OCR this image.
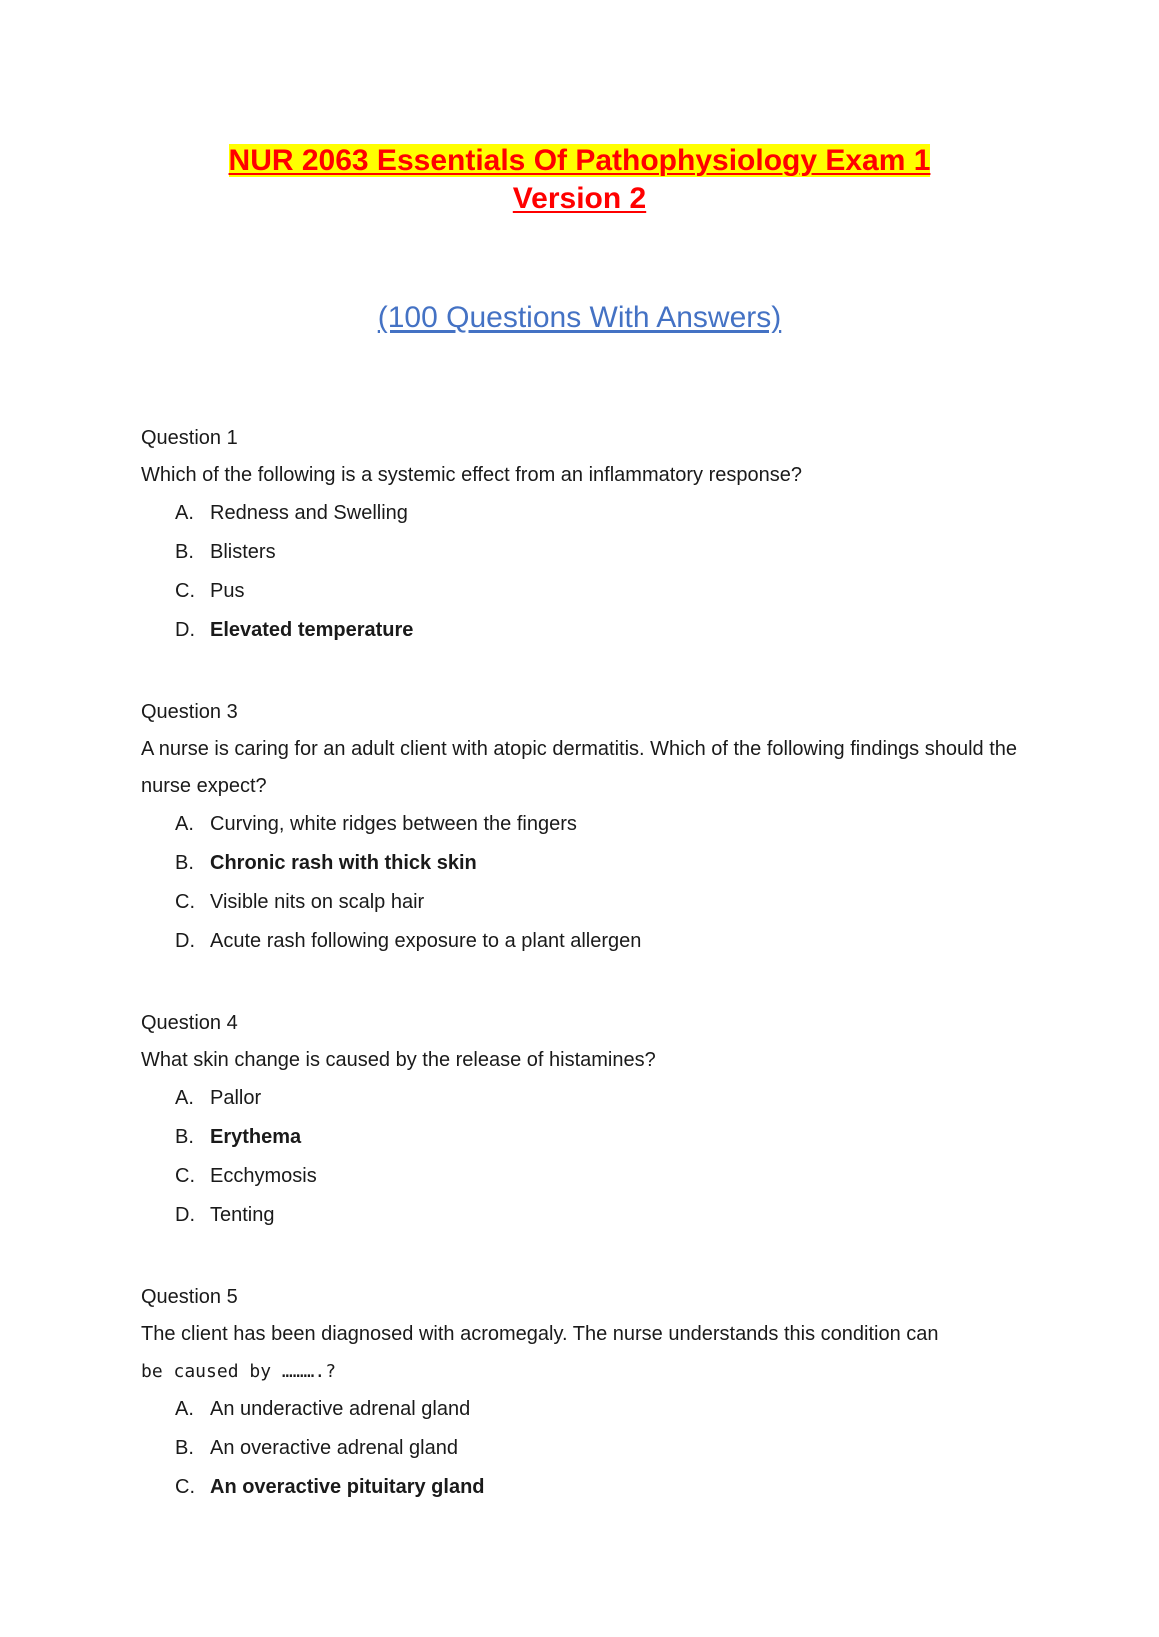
NUR 2063 Essentials Of Pathophysiology Exam 1
Version 2
(100 Questions With Answers)
Question 1
Which of the following is a systemic effect from an inflammatory response?
A. Redness and Swelling
B. Blisters
C. Pus
D. Elevated temperature
Question 3
A nurse is caring for an adult client with atopic dermatitis. Which of the following findings should the nurse expect?
A. Curving, white ridges between the fingers
B. Chronic rash with thick skin
C. Visible nits on scalp hair
D. Acute rash following exposure to a plant allergen
Question 4
What skin change is caused by the release of histamines?
A. Pallor
B. Erythema
C. Ecchymosis
D. Tenting
Question 5
The client has been diagnosed with acromegaly. The nurse understands this condition can
be caused by ……….?
A. An underactive adrenal gland
B. An overactive adrenal gland
C. An overactive pituitary gland
